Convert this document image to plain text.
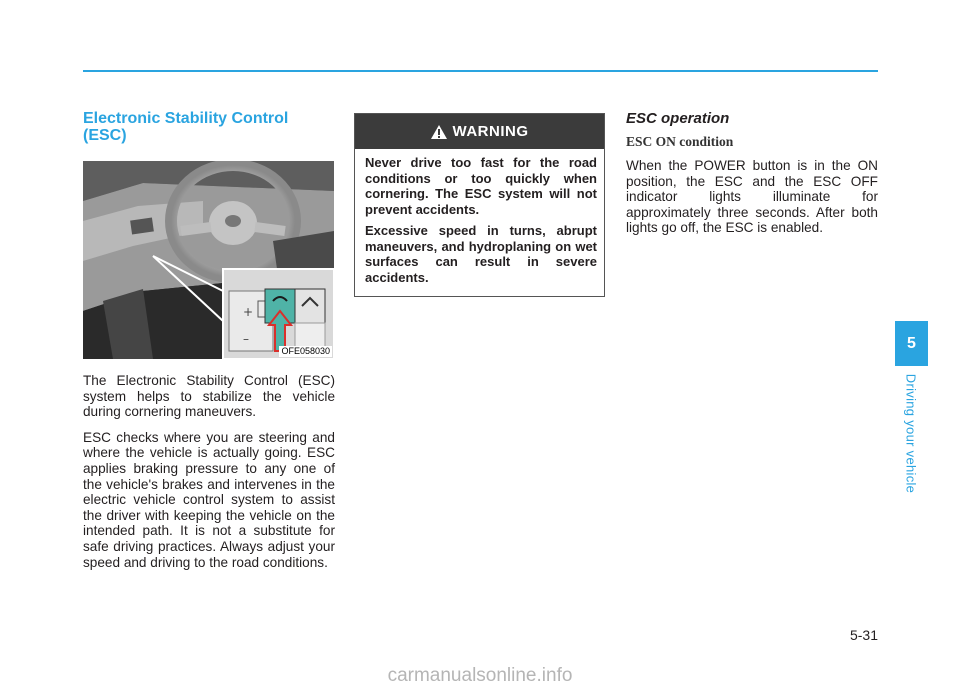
Electronic Stability Control
(ESC)
+
–
OFE058030

The Electronic Stability Control (ESC) system helps to stabilize the vehicle during cornering maneuvers.

ESC checks where you are steering and where the vehicle is actually going. ESC applies braking pressure to any one of the vehicle's brakes and intervenes in the electric vehicle control system to assist the driver with keeping the vehicle on the intended path. It is not a substitute for safe driving practices. Always adjust your speed and driving to the road conditions.

WARNING

Never drive too fast for the road conditions or too quickly when cornering. The ESC system will not prevent accidents.

Excessive speed in turns, abrupt maneuvers, and hydroplaning on wet surfaces can result in severe accidents.

ESC operation
ESC ON condition

When the POWER button is in the ON position, the ESC and the ESC OFF indicator lights illuminate for approximately three seconds. After both lights go off, the ESC is enabled.

5
Driving your vehicle
5-31
carmanualsonline.info
